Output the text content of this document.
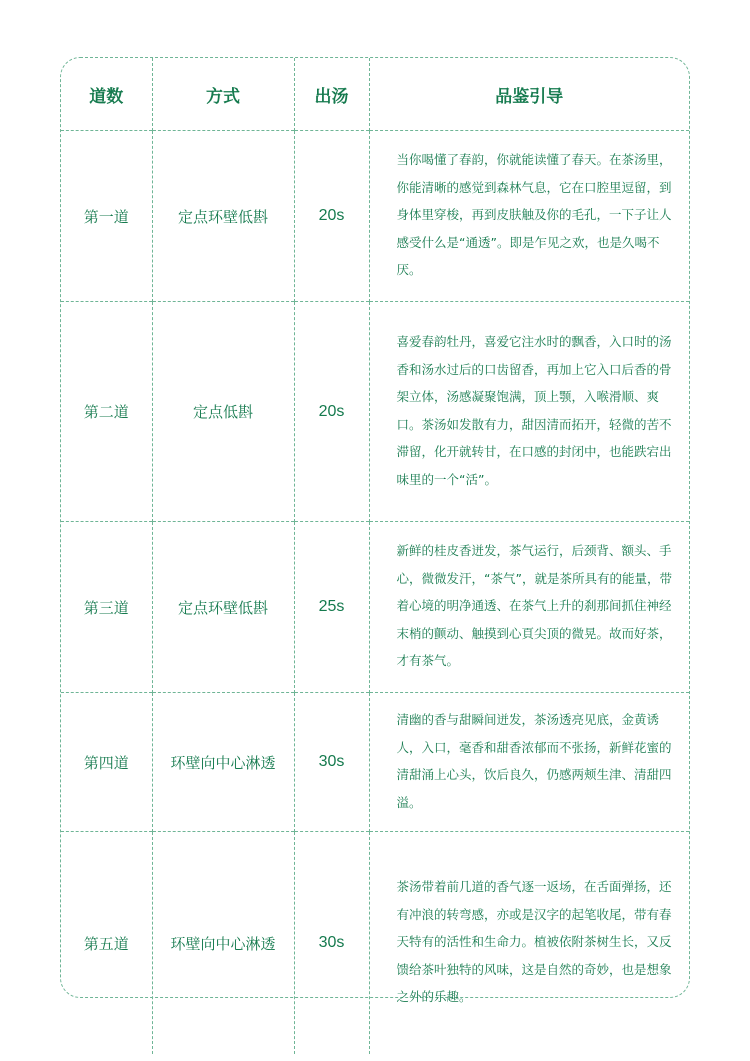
道数	方式	出汤	品鉴引导
第一道	定点环壁低斟	20s	当你喝懂了春韵，你就能读懂了春天。在茶汤里，你能清晰的感觉到森林气息，它在口腔里逗留，到身体里穿梭，再到皮肤触及你的毛孔，一下子让人感受什么是“通透”。即是乍见之欢，也是久喝不厌。
第二道	定点低斟	20s	喜爱春韵牡丹，喜爱它注水时的飘香，入口时的汤香和汤水过后的口齿留香，再加上它入口后香的骨架立体，汤感凝聚饱满，顶上颚，入喉滑顺、爽口。茶汤如发散有力，甜因清而拓开，轻微的苦不滞留，化开就转甘，在口感的封闭中，也能跌宕出味里的一个“活”。
第三道	定点环壁低斟	25s	新鲜的桂皮香迸发，茶气运行，后颈背、额头、手心，微微发汗，“茶气”，就是茶所具有的能量，带着心境的明净通透、在茶气上升的刹那间抓住神经末梢的颤动、触摸到心頁尖顶的微晃。故而好茶，才有茶气。
第四道	环壁向中心淋透	30s	清幽的香与甜瞬间迸发，茶汤透亮见底，金黄诱人，入口，毫香和甜香浓郁而不张扬，新鲜花蜜的清甜涌上心头，饮后良久，仍感两颊生津、清甜四溢。
第五道	环壁向中心淋透	30s	茶汤带着前几道的香气逐一返场，在舌面弹扬，还有冲浪的转弯感，亦或是汉字的起笔收尾，带有春天特有的活性和生命力。植被依附茶树生长，又反馈给茶叶独特的风味，这是自然的奇妙，也是想象之外的乐趣。
